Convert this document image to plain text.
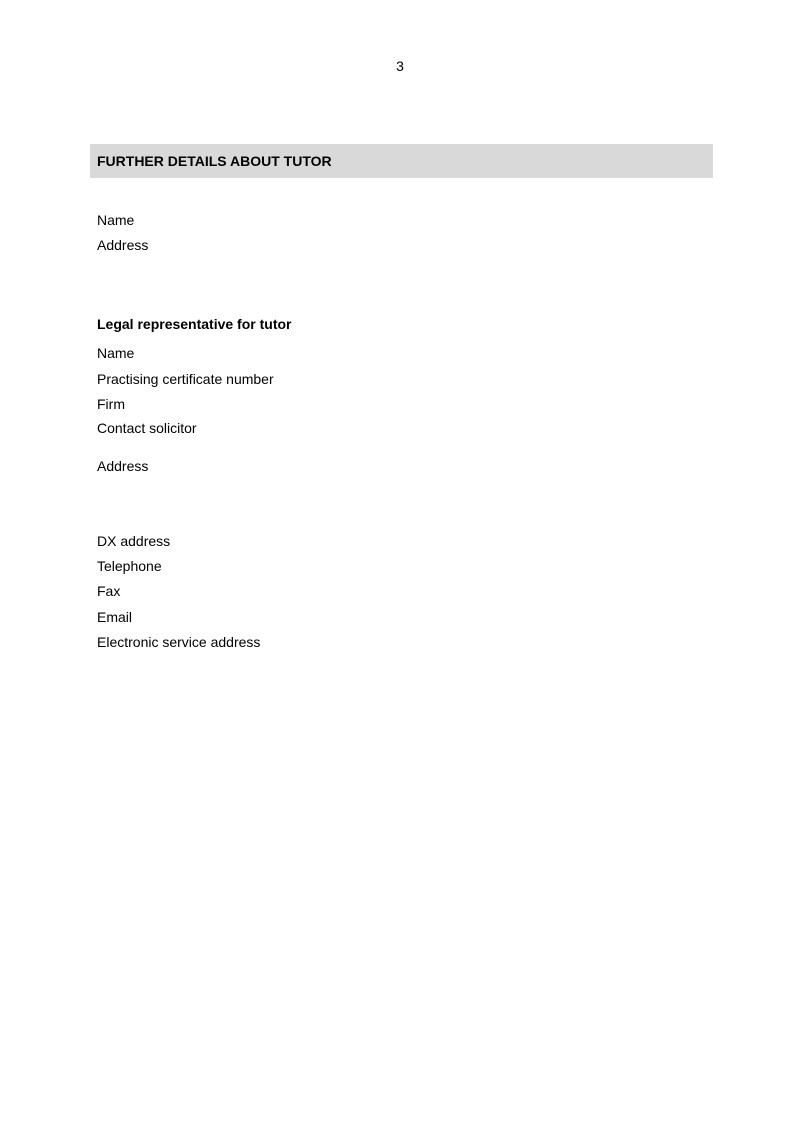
3
FURTHER DETAILS ABOUT TUTOR
Name
Address
Legal representative for tutor
Name
Practising certificate number
Firm
Contact solicitor
Address
DX address
Telephone
Fax
Email
Electronic service address
